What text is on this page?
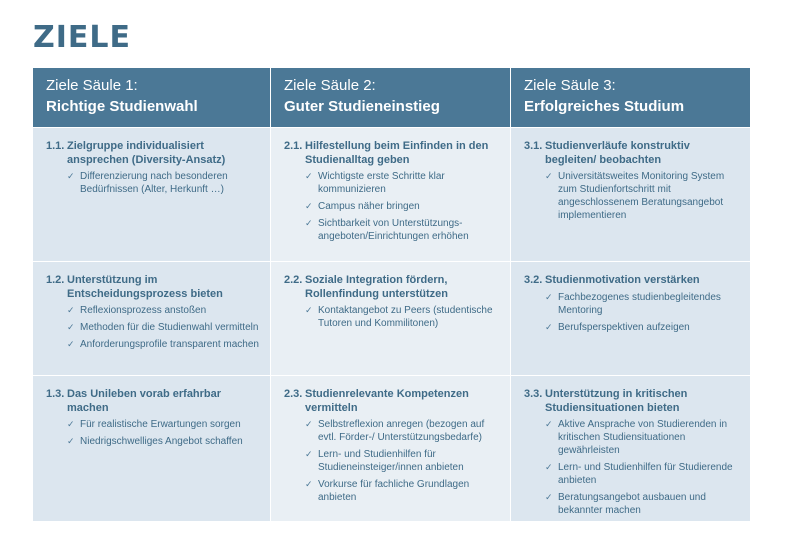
ZIELE
Ziele Säule 1:
Richtige Studienwahl
Ziele Säule 2:
Guter Studieneinstieg
Ziele Säule 3:
Erfolgreiches Studium
1.1. Zielgruppe individualisiert ansprechen (Diversity-Ansatz)
✓ Differenzierung nach besonderen Bedürfnissen (Alter, Herkunft …)
2.1. Hilfestellung beim Einfinden in den Studienalltag geben
✓ Wichtigste erste Schritte klar kommunizieren
✓ Campus näher bringen
✓ Sichtbarkeit von Unterstützungs-angeboten/Einrichtungen erhöhen
3.1. Studienverläufe konstruktiv begleiten/ beobachten
✓ Universitätsweites Monitoring System zum Studienfortschritt mit angeschlossenem Beratungsangebot implementieren
1.2. Unterstützung im Entscheidungsprozess bieten
✓ Reflexionsprozess anstoßen
✓ Methoden für die Studienwahl vermitteln
✓ Anforderungsprofile transparent machen
2.2. Soziale Integration fördern, Rollenfindung unterstützen
✓ Kontaktangebot zu Peers (studentische Tutoren und Kommilitonen)
3.2. Studienmotivation verstärken
✓ Fachbezogenes studienbegleitendes Mentoring
✓ Berufsperspektiven aufzeigen
1.3. Das Unileben vorab erfahrbar machen
✓ Für realistische Erwartungen sorgen
✓ Niedrigschwelliges Angebot schaffen
2.3. Studienrelevante Kompetenzen vermitteln
✓ Selbstreflexion anregen (bezogen auf evtl. Förder-/ Unterstützungsbedarfe)
✓ Lern- und Studienhilfen für Studieneinsteiger/innen anbieten
✓ Vorkurse für fachliche Grundlagen anbieten
3.3. Unterstützung in kritischen Studiensituationen bieten
✓ Aktive Ansprache von Studierenden in kritischen Studiensituationen gewährleisten
✓ Lern- und Studienhilfen für Studierende anbieten
✓ Beratungsangebot ausbauen und bekannter machen
